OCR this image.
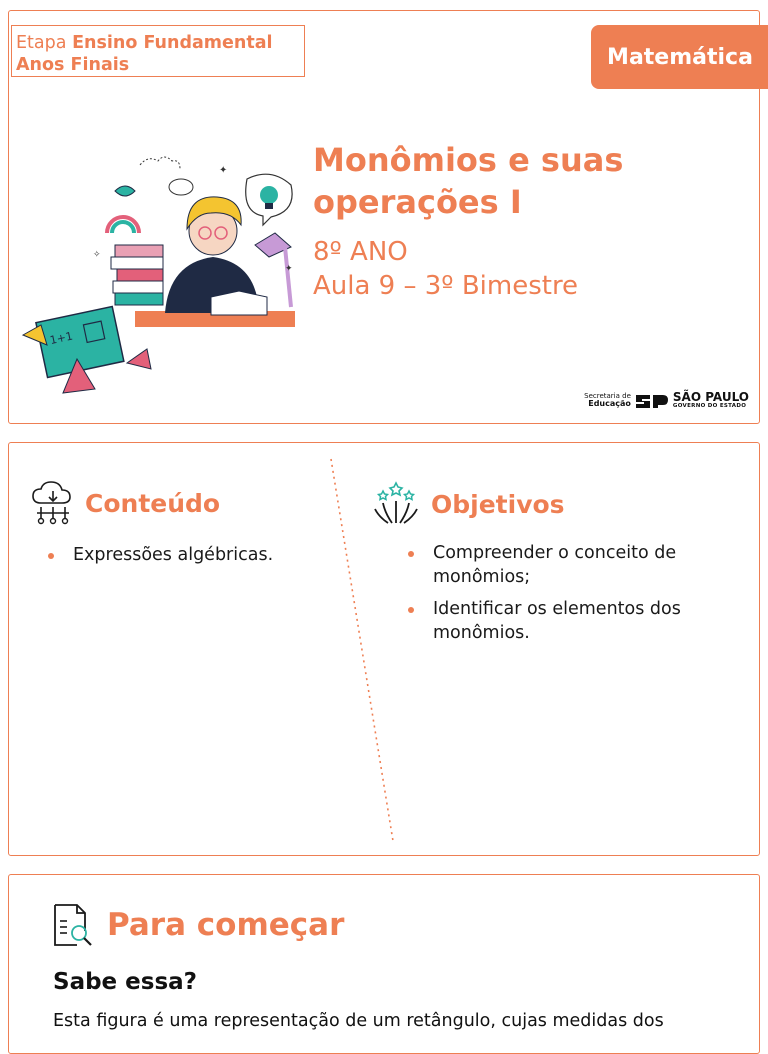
Etapa Ensino Fundamental
Anos Finais	Matemática
1+1
✦
✧
✦
Monômios e suas
operações I
8º ANO
Aula 9 – 3º Bimestre
Secretaria de
Educação	SÃO PAULO
GOVERNO DO ESTADO
Conteúdo
Expressões algébricas.
Objetivos
Compreender o conceito de monômios;
Identificar os elementos dos monômios.
Para começar
Sabe essa?
Esta figura é uma representação de um retângulo, cujas medidas dos
